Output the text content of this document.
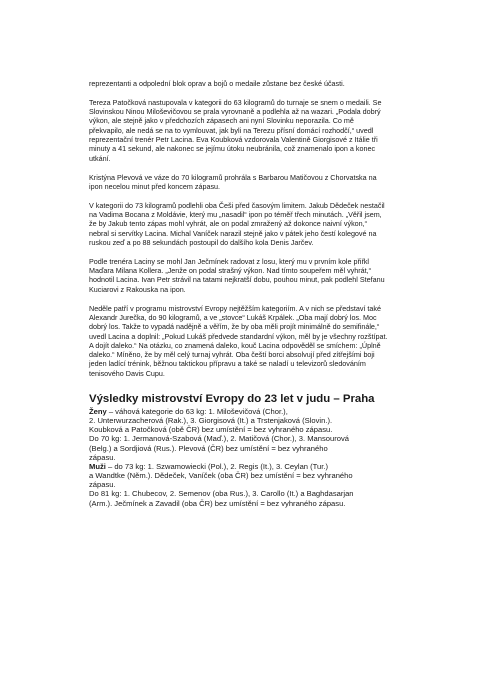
reprezentanti a odpolední blok oprav a bojů o medaile zůstane bez české účasti.

Tereza Patočková nastupovala v kategorii do 63 kilogramů do turnaje se snem o medaili. Se
Slovinskou Ninou Miloševičovou se prala vyrovnaně a podlehla až na wazari. „Podala dobrý
výkon, ale stejně jako v předchozích zápasech ani nyní Slovinku neporazila. Co mě
překvapilo, ale nedá se na to vymlouvat, jak byli na Terezu přísní domácí rozhodčí,“ uvedl
reprezentační trenér Petr Lacina. Eva Koubková vzdorovala Valentině Giorgisové z Itálie tři
minuty a 41 sekund, ale nakonec se jejímu útoku neubránila, což znamenalo ipon a konec
utkání.

Kristýna Plevová ve váze do 70 kilogramů prohrála s Barbarou Matičovou z Chorvatska na
ipon necelou minut před koncem zápasu.

V kategorii do 73 kilogramů podlehli oba Češi před časovým limitem. Jakub Dědeček nestačil
na Vadima Bocana z Moldávie, který mu „nasadil“ ipon po téměř třech minutách. „Věřil jsem,
že by Jakub tento zápas mohl vyhrát, ale on podal zmražený až dokonce naivní výkon,“
nebral si servítky Lacina. Michal Vaníček narazil stejně jako v pátek jeho čestí kolegové na
ruskou zeď a po 88 sekundách postoupil do dalšího kola Denis Jarčev.

Podle trenéra Laciny se mohl Jan Ječmínek radovat z losu, který mu v prvním kole přiřkl
Maďara Milana Kollera. „Jenže on podal strašný výkon. Nad tímto soupeřem měl vyhrát,“
hodnotil Lacina. Ivan Petr strávil na tatami nejkratší dobu, pouhou minut, pak podlehl Stefanu
Kuciarovi z Rakouska na ipon.

Neděle patří v programu mistrovství Evropy nejtěžším kategoriím. A v nich se představí také
Alexandr Jurečka, do 90 kilogramů, a ve „stovce“ Lukáš Krpálek. „Oba mají dobrý los. Moc
dobrý los. Takže to vypadá nadějně a věřím, že by oba měli projít minimálně do semifinále,“
uvedl Lacina a doplnil: „Pokud Lukáš předvede standardní výkon, měl by je všechny rozštípat.
A dojít daleko.“ Na otázku, co znamená daleko, kouč Lacina odpověděl se smíchem: „Úplně
daleko.“ Míněno, že by měl celý turnaj vyhrát. Oba čeští borci absolvují před zítřejšími boji
jeden ladící trénink, běžnou taktickou přípravu a také se naladí u televizorů sledováním
tenisového Davis Cupu.

Výsledky mistrovství Evropy do 23 let v judu – Praha
Ženy – váhová kategorie do 63 kg: 1. Miloševičová (Chor.),
2. Unterwurzacherová (Rak.), 3. Giorgisová (It.) a Trstenjaková (Slovin.).
Koubková a Patočková (obě ČR) bez umístění = bez vyhraného zápasu.
Do 70 kg: 1. Jermanová-Szabová (Maď.), 2. Matičová (Chor.), 3. Mansourová
(Belg.) a Sordjiová (Rus.). Plevová (ČR) bez umístění = bez vyhraného
zápasu.
Muži – do 73 kg: 1. Szwamowiecki (Pol.), 2. Regis (It.), 3. Ceylan (Tur.)
a Wandtke (Něm.). Dědeček, Vaníček (oba ČR) bez umístění = bez vyhraného
zápasu.
Do 81 kg: 1. Chubecov, 2. Semenov (oba Rus.), 3. Carollo (It.) a Baghdasarjan
(Arm.). Ječmínek a Zavadil (oba ČR) bez umístění = bez vyhraného zápasu.
